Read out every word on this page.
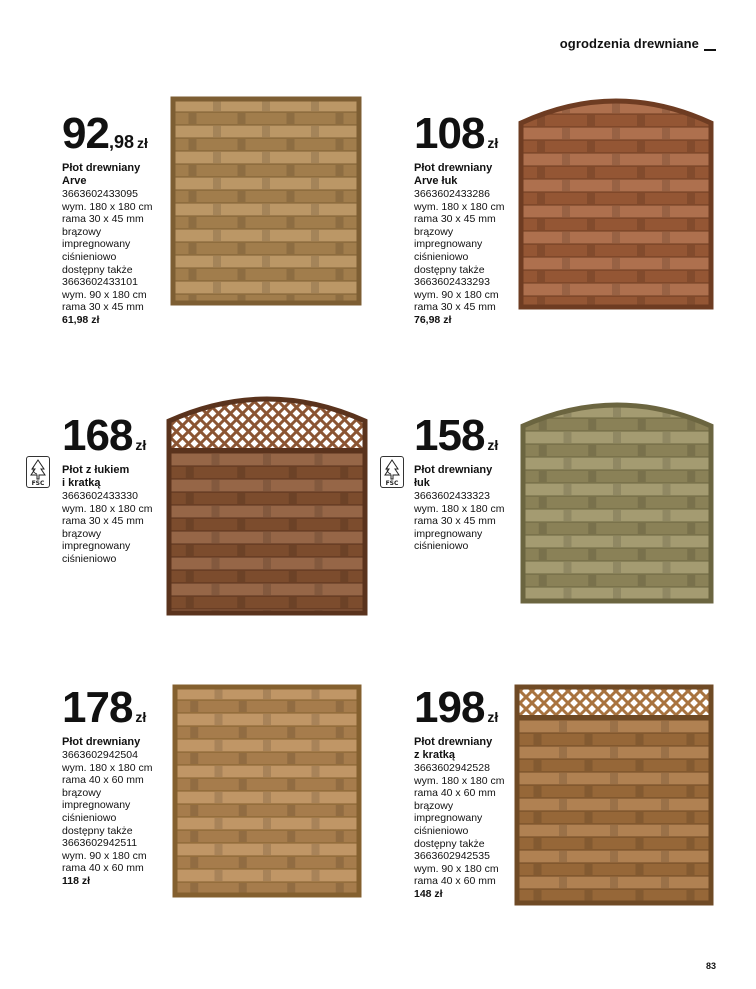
ogrodzenia drewniane
92,98 zł
Płot drewniany
Arve
3663602433095
wym. 180 x 180 cm
rama 30 x 45 mm
brązowy
impregnowany
ciśnieniowo
dostępny także
3663602433101
wym. 90 x 180 cm
rama 30 x 45 mm
61,98 zł
108 zł
Płot drewniany
Arve łuk
3663602433286
wym. 180 x 180 cm
rama 30 x 45 mm
brązowy
impregnowany
ciśnieniowo
dostępny także
3663602433293
wym. 90 x 180 cm
rama 30 x 45 mm
76,98 zł
168 zł
Płot z łukiem
i kratką
3663602433330
wym. 180 x 180 cm
rama 30 x 45 mm
brązowy
impregnowany
ciśnieniowo
158 zł
Płot drewniany
łuk
3663602433323
wym. 180 x 180 cm
rama 30 x 45 mm
impregnowany
ciśnieniowo
178 zł
Płot drewniany
3663602942504
wym. 180 x 180 cm
rama 40 x 60 mm
brązowy
impregnowany
ciśnieniowo
dostępny także
3663602942511
wym. 90 x 180 cm
rama 40 x 60 mm
118 zł
198 zł
Płot drewniany
z kratką
3663602942528
wym. 180 x 180 cm
rama 40 x 60 mm
brązowy
impregnowany
ciśnieniowo
dostępny także
3663602942535
wym. 90 x 180 cm
rama 40 x 60 mm
148 zł
FSC	FSC
83
